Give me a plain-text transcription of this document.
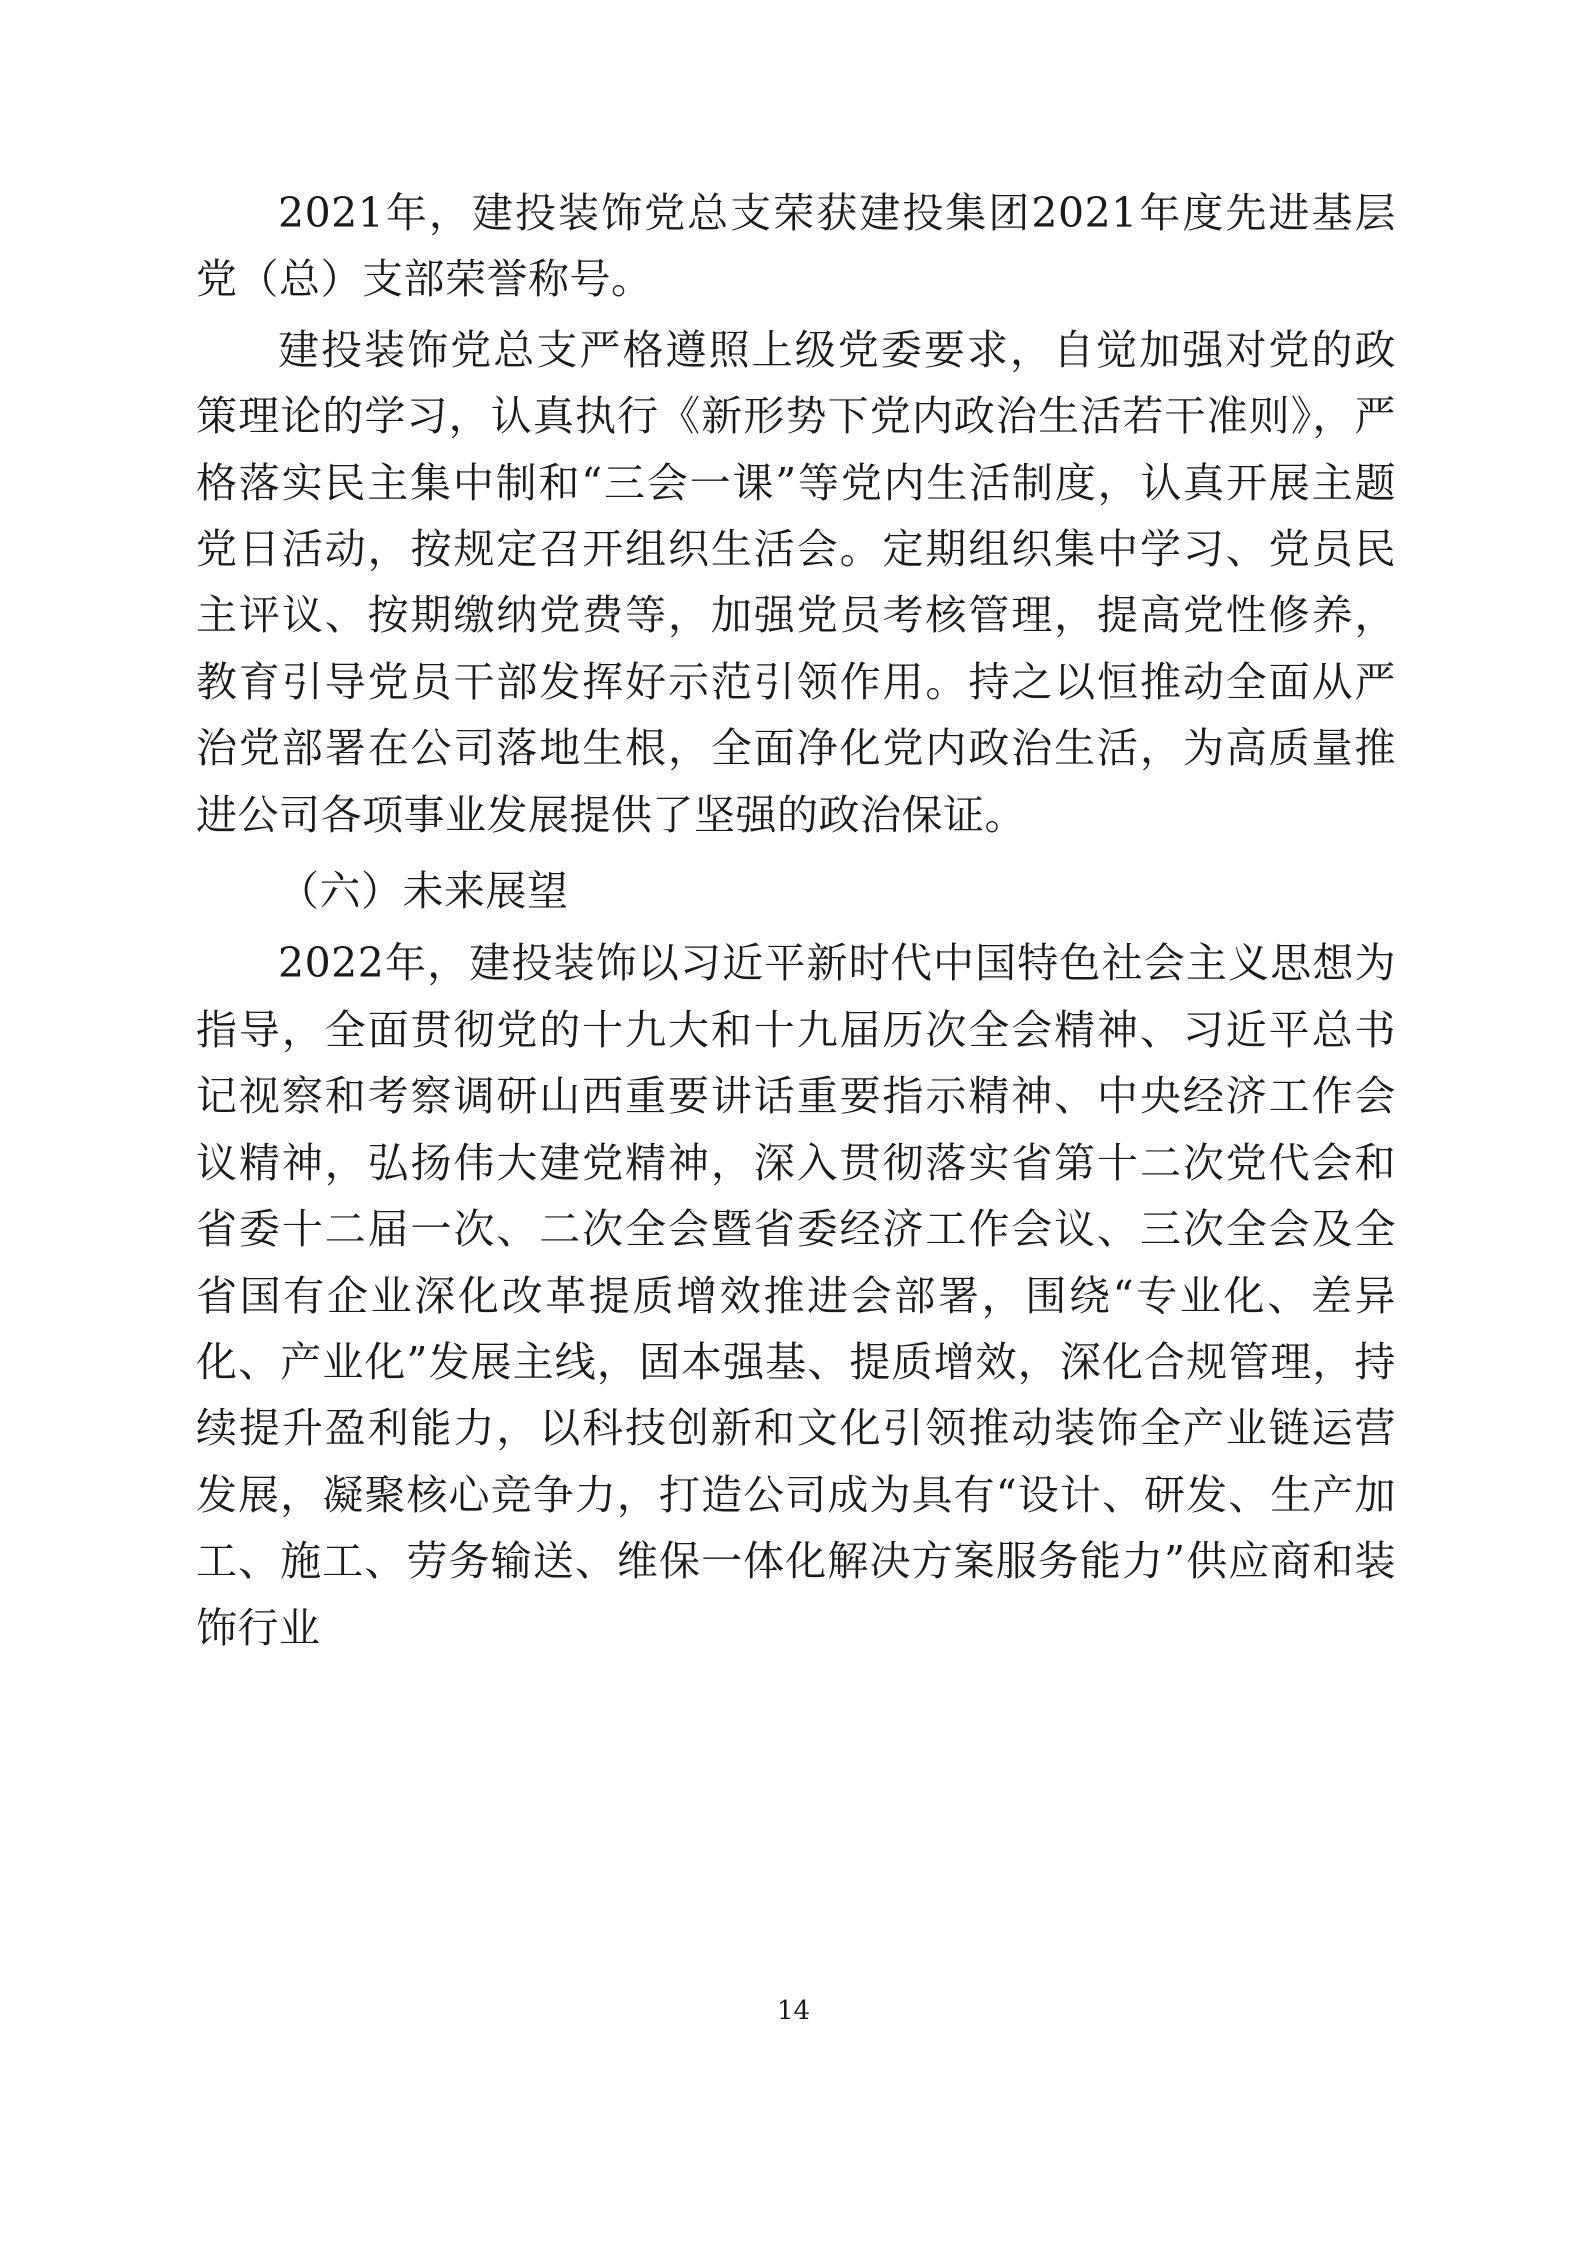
2021年，建投装饰党总支荣获建投集团2021年度先进基层党（总）支部荣誉称号。

建投装饰党总支严格遵照上级党委要求，自觉加强对党的政策理论的学习，认真执行《新形势下党内政治生活若干准则》，严格落实民主集中制和“三会一课”等党内生活制度，认真开展主题党日活动，按规定召开组织生活会。定期组织集中学习、党员民主评议、按期缴纳党费等，加强党员考核管理，提高党性修养，教育引导党员干部发挥好示范引领作用。持之以恒推动全面从严治党部署在公司落地生根，全面净化党内政治生活，为高质量推进公司各项事业发展提供了坚强的政治保证。

（六）未来展望

2022年，建投装饰以习近平新时代中国特色社会主义思想为指导，全面贯彻党的十九大和十九届历次全会精神、习近平总书记视察和考察调研山西重要讲话重要指示精神、中央经济工作会议精神，弘扬伟大建党精神，深入贯彻落实省第十二次党代会和省委十二届一次、二次全会暨省委经济工作会议、三次全会及全省国有企业深化改革提质增效推进会部署，围绕“专业化、差异化、产业化”发展主线，固本强基、提质增效，深化合规管理，持续提升盈利能力，以科技创新和文化引领推动装饰全产业链运营发展，凝聚核心竞争力，打造公司成为具有“设计、研发、生产加工、施工、劳务输送、维保一体化解决方案服务能力”供应商和装饰行业

14
